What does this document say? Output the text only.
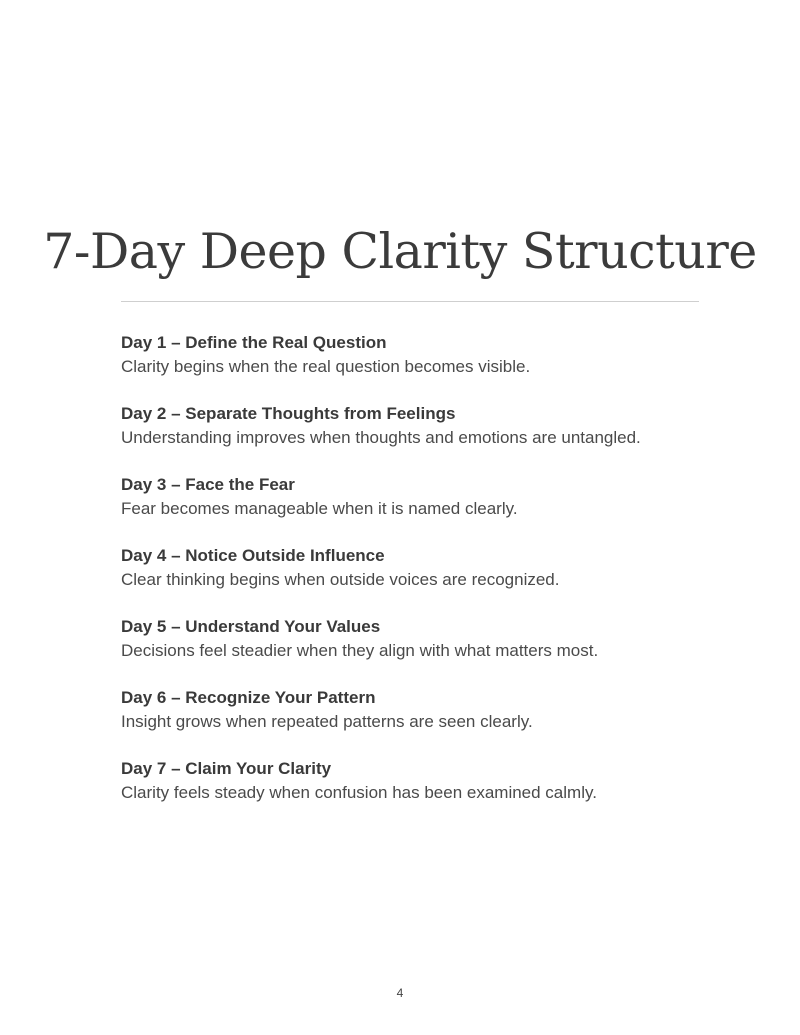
7-Day Deep Clarity Structure
Day 1 – Define the Real Question
Clarity begins when the real question becomes visible.
Day 2 – Separate Thoughts from Feelings
Understanding improves when thoughts and emotions are untangled.
Day 3 – Face the Fear
Fear becomes manageable when it is named clearly.
Day 4 – Notice Outside Influence
Clear thinking begins when outside voices are recognized.
Day 5 – Understand Your Values
Decisions feel steadier when they align with what matters most.
Day 6 – Recognize Your Pattern
Insight grows when repeated patterns are seen clearly.
Day 7 – Claim Your Clarity
Clarity feels steady when confusion has been examined calmly.
4
